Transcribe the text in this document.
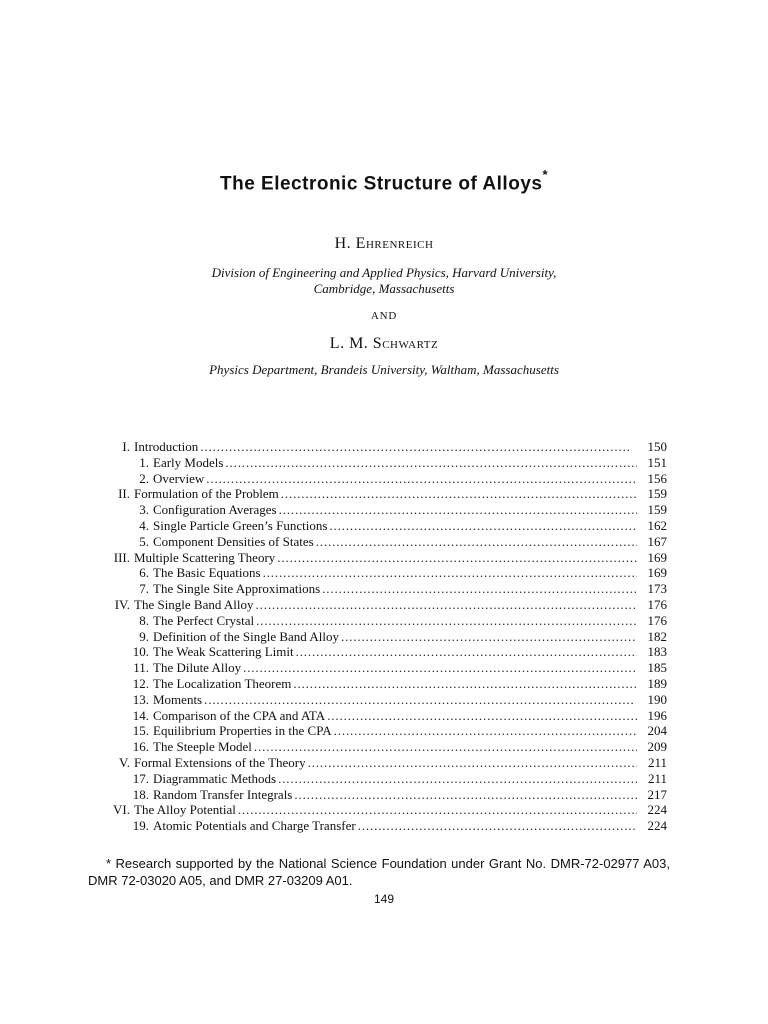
The Electronic Structure of Alloys*
H. Ehrenreich
Division of Engineering and Applied Physics, Harvard University,
Cambridge, Massachusetts
AND
L. M. Schwartz
Physics Department, Brandeis University, Waltham, Massachusetts
I. Introduction . . .	150
1. Early Models . . .	151
2. Overview . . .	156
II. Formulation of the Problem . . .	159
3. Configuration Averages . . .	159
4. Single Particle Green’s Functions . . .	162
5. Component Densities of States . . .	167
III. Multiple Scattering Theory . . .	169
6. The Basic Equations . . .	169
7. The Single Site Approximations . . .	173
IV. The Single Band Alloy . . .	176
8. The Perfect Crystal . . .	176
9. Definition of the Single Band Alloy . . .	182
10. The Weak Scattering Limit . . .	183
11. The Dilute Alloy . . .	185
12. The Localization Theorem . . .	189
13. Moments . . .	190
14. Comparison of the CPA and ATA . . .	196
15. Equilibrium Properties in the CPA . . .	204
16. The Steeple Model . . .	209
V. Formal Extensions of the Theory . . .	211
17. Diagrammatic Methods . . .	211
18. Random Transfer Integrals . . .	217
VI. The Alloy Potential . . .	224
19. Atomic Potentials and Charge Transfer . . .	224
* Research supported by the National Science Foundation under Grant No. DMR-72-02977 A03, DMR 72-03020 A05, and DMR 27-03209 A01.
149
